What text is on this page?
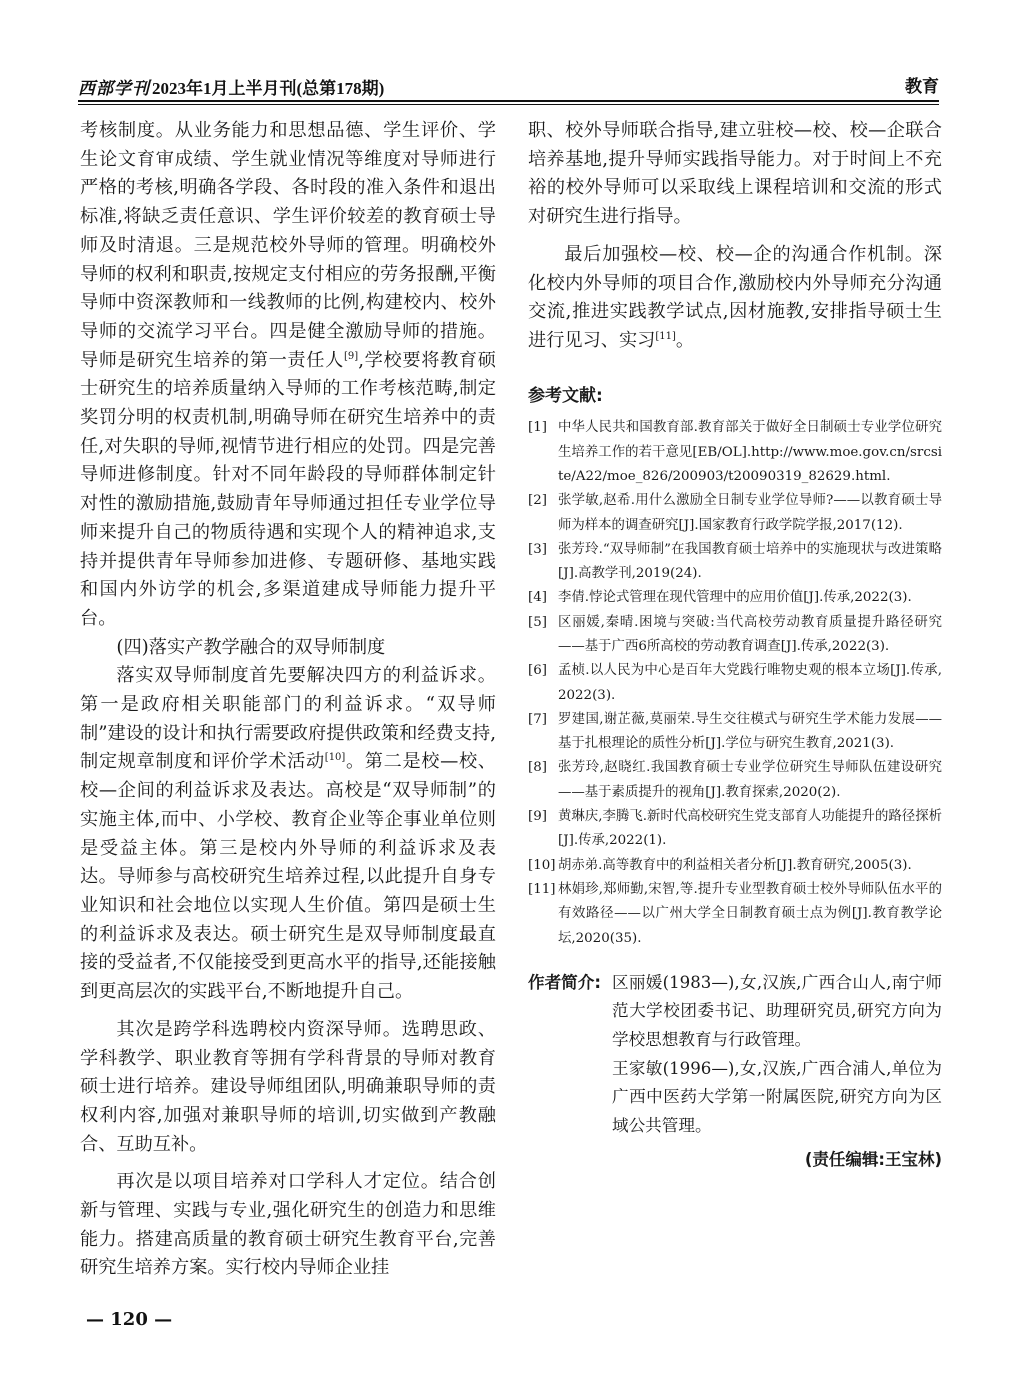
西部学刊 2023年1月上半月刊(总第178期)	教育

考核制度。从业务能力和思想品德、学生评价、学生论文育审成绩、学生就业情况等维度对导师进行严格的考核,明确各学段、各时段的准入条件和退出标准,将缺乏责任意识、学生评价较差的教育硕士导师及时清退。三是规范校外导师的管理。明确校外导师的权利和职责,按规定支付相应的劳务报酬,平衡导师中资深教师和一线教师的比例,构建校内、校外导师的交流学习平台。四是健全激励导师的措施。导师是研究生培养的第一责任人[9],学校要将教育硕士研究生的培养质量纳入导师的工作考核范畴,制定奖罚分明的权责机制,明确导师在研究生培养中的责任,对失职的导师,视情节进行相应的处罚。四是完善导师进修制度。针对不同年龄段的导师群体制定针对性的激励措施,鼓励青年导师通过担任专业学位导师来提升自己的物质待遇和实现个人的精神追求,支持并提供青年导师参加进修、专题研修、基地实践和国内外访学的机会,多渠道建成导师能力提升平台。

(四)落实产教学融合的双导师制度

落实双导师制度首先要解决四方的利益诉求。第一是政府相关职能部门的利益诉求。“双导师制”建设的设计和执行需要政府提供政策和经费支持,制定规章制度和评价学术活动[10]。第二是校—校、校—企间的利益诉求及表达。高校是“双导师制”的实施主体,而中、小学校、教育企业等企事业单位则是受益主体。第三是校内外导师的利益诉求及表达。导师参与高校研究生培养过程,以此提升自身专业知识和社会地位以实现人生价值。第四是硕士生的利益诉求及表达。硕士研究生是双导师制度最直接的受益者,不仅能接受到更高水平的指导,还能接触到更高层次的实践平台,不断地提升自己。

其次是跨学科选聘校内资深导师。选聘思政、学科教学、职业教育等拥有学科背景的导师对教育硕士进行培养。建设导师组团队,明确兼职导师的责权利内容,加强对兼职导师的培训,切实做到产教融合、互助互补。

再次是以项目培养对口学科人才定位。结合创新与管理、实践与专业,强化研究生的创造力和思维能力。搭建高质量的教育硕士研究生教育平台,完善研究生培养方案。实行校内导师企业挂

职、校外导师联合指导,建立驻校—校、校—企联合培养基地,提升导师实践指导能力。对于时间上不充裕的校外导师可以采取线上课程培训和交流的形式对研究生进行指导。

最后加强校—校、校—企的沟通合作机制。深化校内外导师的项目合作,激励校内外导师充分沟通交流,推进实践教学试点,因材施教,安排指导硕士生进行见习、实习[11]。

参考文献:
[1] 中华人民共和国教育部.教育部关于做好全日制硕士专业学位研究生培养工作的若干意见[EB/OL].http://www.moe.gov.cn/srcsite/A22/moe_826/200903/t20090319_82629.html.
[2] 张学敏,赵希.用什么激励全日制专业学位导师?——以教育硕士导师为样本的调查研究[J].国家教育行政学院学报,2017(12).
[3] 张芳玲.“双导师制”在我国教育硕士培养中的实施现状与改进策略[J].高教学刊,2019(24).
[4] 李倩.悖论式管理在现代管理中的应用价值[J].传承,2022(3).
[5] 区丽媛,秦晴.困境与突破:当代高校劳动教育质量提升路径研究——基于广西6所高校的劳动教育调查[J].传承,2022(3).
[6] 孟桢.以人民为中心是百年大党践行唯物史观的根本立场[J].传承,2022(3).
[7] 罗建国,谢芷薇,莫丽荣.导生交往模式与研究生学术能力发展——基于扎根理论的质性分析[J].学位与研究生教育,2021(3).
[8] 张芳玲,赵晓红.我国教育硕士专业学位研究生导师队伍建设研究——基于素质提升的视角[J].教育探索,2020(2).
[9] 黄琳庆,李腾飞.新时代高校研究生党支部育人功能提升的路径探析[J].传承,2022(1).
[10] 胡赤弟.高等教育中的利益相关者分析[J].教育研究,2005(3).
[11] 林娟珍,郑师勤,宋智,等.提升专业型教育硕士校外导师队伍水平的有效路径——以广州大学全日制教育硕士点为例[J].教育教学论坛,2020(35).
作者简介: 区丽媛(1983—),女,汉族,广西合山人,南宁师范大学校团委书记、助理研究员,研究方向为学校思想教育与行政管理。

王家敏(1996—),女,汉族,广西合浦人,单位为广西中医药大学第一附属医院,研究方向为区域公共管理。

(责任编辑:王宝林)
— 120 —
